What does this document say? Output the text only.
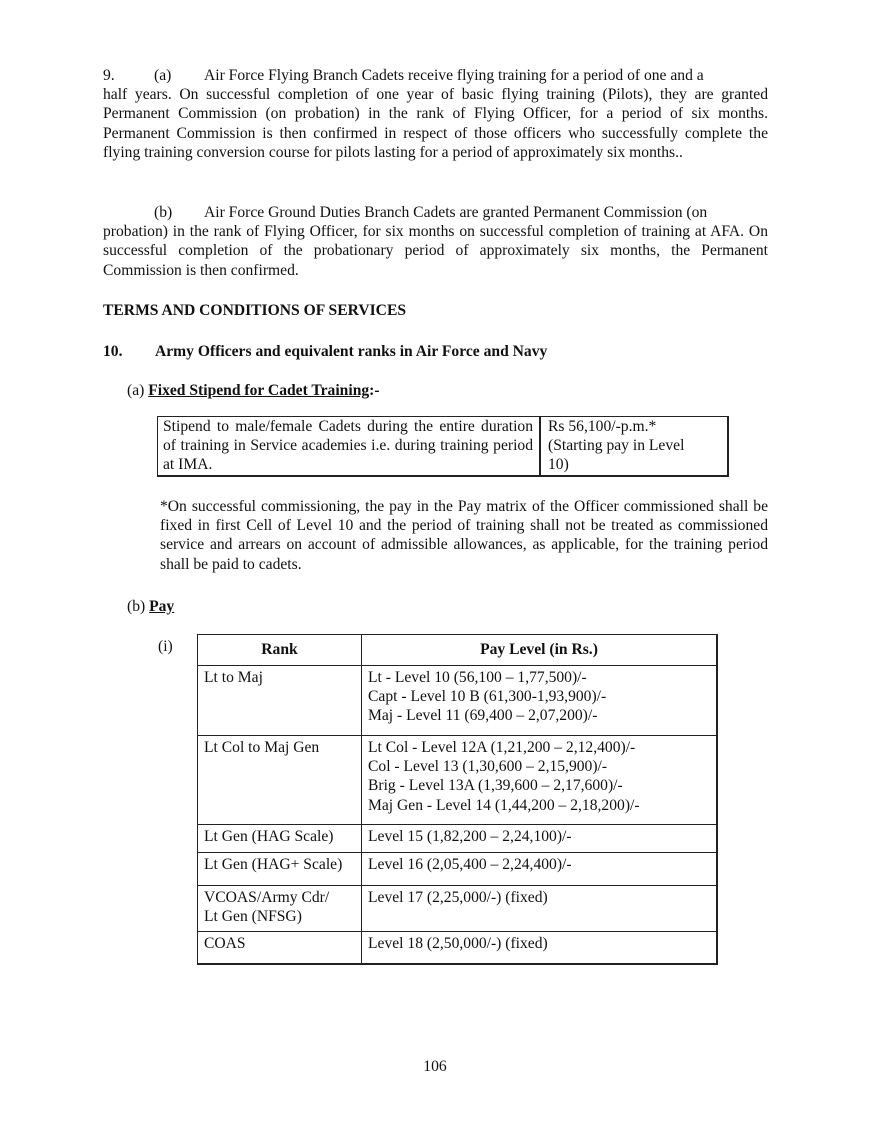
9.	(a) Air Force Flying Branch Cadets receive flying training for a period of one and a
half years. On successful completion of one year of basic flying training (Pilots), they are granted Permanent Commission (on probation) in the rank of Flying Officer, for a period of six months. Permanent Commission is then confirmed in respect of those officers who successfully complete the flying training conversion course for pilots lasting for a period of approximately six months..
(b) Air Force Ground Duties Branch Cadets are granted Permanent Commission (on
probation) in the rank of Flying Officer, for six months on successful completion of training at AFA. On successful completion of the probationary period of approximately six months, the Permanent Commission is then confirmed.
TERMS AND CONDITIONS OF SERVICES
10. Army Officers and equivalent ranks in Air Force and Navy
(a) Fixed Stipend for Cadet Training:-
Stipend to male/female Cadets during the entire duration of training in Service academies i.e. during training period at IMA.
Rs 56,100/-p.m.*
(Starting pay in Level
10)
*On successful commissioning, the pay in the Pay matrix of the Officer commissioned shall be fixed in first Cell of Level 10 and the period of training shall not be treated as commissioned service and arrears on account of admissible allowances, as applicable, for the training period shall be paid to cadets.
(b) Pay
(i)	Rank	Pay Level (in Rs.)

Lt to Maj	Lt - Level 10 (56,100 – 1,77,500)/-
Capt - Level 10 B (61,300-1,93,900)/-
Maj - Level 11 (69,400 – 2,07,200)/-

Lt Col to Maj Gen	Lt Col - Level 12A (1,21,200 – 2,12,400)/-
Col - Level 13 (1,30,600 – 2,15,900)/-
Brig - Level 13A (1,39,600 – 2,17,600)/-
Maj Gen - Level 14 (1,44,200 – 2,18,200)/-

Lt Gen (HAG Scale)	Level 15 (1,82,200 – 2,24,100)/-

Lt Gen (HAG+ Scale)	Level 16 (2,05,400 – 2,24,400)/-

VCOAS/Army Cdr/
Lt Gen (NFSG)	Level 17 (2,25,000/-) (fixed)

COAS	Level 18 (2,50,000/-) (fixed)
106
